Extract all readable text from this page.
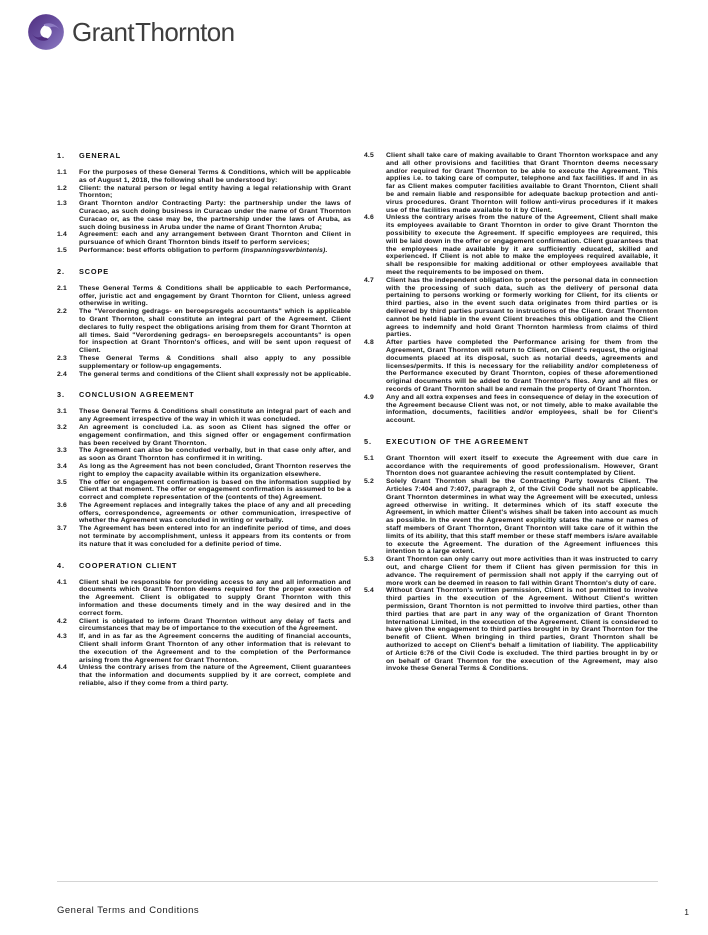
Grant Thornton
1.	GENERAL
1.1	For the purposes of these General Terms & Conditions, which will be applicable as of August 1, 2018, the following shall be understood by:
1.2	Client: the natural person or legal entity having a legal relationship with Grant Thornton;
1.3	Grant Thornton and/or Contracting Party: the partnership under the laws of Curacao, as such doing business in Curacao under the name of Grant Thornton Curacao or, as the case may be, the partnership under the laws of Aruba, as such doing business in Aruba under the name of Grant Thornton Aruba;
1.4	Agreement: each and any arrangement between Grant Thornton and Client in pursuance of which Grant Thornton binds itself to perform services;
1.5	Performance: best efforts obligation to perform (inspanningsverbintenis).
2.	SCOPE
2.1	These General Terms & Conditions shall be applicable to each Performance, offer, juristic act and engagement by Grant Thornton for Client, unless agreed otherwise in writing.
2.2	The "Verordening gedrags- en beroepsregels accountants" which is applicable to Grant Thornton, shall constitute an integral part of the Agreement. Client declares to fully respect the obligations arising from them for Grant Thornton at all times. Said "Verordening gedrags- en beroepsregels accountants" is open for inspection at Grant Thornton's offices, and will be sent upon request of Client.
2.3	These General Terms & Conditions shall also apply to any possible supplementary or follow-up engagements.
2.4	The general terms and conditions of the Client shall expressly not be applicable.
3.	CONCLUSION AGREEMENT
3.1	These General Terms & Conditions shall constitute an integral part of each and any Agreement irrespective of the way in which it was concluded.
3.2	An agreement is concluded i.a. as soon as Client has signed the offer or engagement confirmation, and this signed offer or engagement confirmation has been received by Grant Thornton.
3.3	The Agreement can also be concluded verbally, but in that case only after, and as soon as Grant Thornton has confirmed it in writing.
3.4	As long as the Agreement has not been concluded, Grant Thornton reserves the right to employ the capacity available within its organization elsewhere.
3.5	The offer or engagement confirmation is based on the information supplied by Client at that moment. The offer or engagement confirmation is assumed to be a correct and complete representation of the (contents of the) Agreement.
3.6	The Agreement replaces and integrally takes the place of any and all preceding offers, correspondence, agreements or other communication, irrespective of whether the Agreement was concluded in writing or verbally.
3.7	The Agreement has been entered into for an indefinite period of time, and does not terminate by accomplishment, unless it appears from its contents or from its nature that it was concluded for a definite period of time.
4.	COOPERATION CLIENT
4.1	Client shall be responsible for providing access to any and all information and documents which Grant Thornton deems required for the proper execution of the Agreement. Client is obligated to supply Grant Thornton with this information and these documents timely and in the way desired and in the correct form.
4.2	Client is obligated to inform Grant Thornton without any delay of facts and circumstances that may be of importance to the execution of the Agreement.
4.3	If, and in as far as the Agreement concerns the auditing of financial accounts, Client shall inform Grant Thornton of any other information that is relevant to the execution of the Agreement and to the completion of the Performance arising from the Agreement for Grant Thornton.
4.4	Unless the contrary arises from the nature of the Agreement, Client guarantees that the information and documents supplied by it are correct, complete and reliable, also if they come from a third party.
4.5	Client shall take care of making available to Grant Thornton workspace and any and all other provisions and facilities that Grant Thornton deems necessary and/or required for Grant Thornton to be able to execute the Agreement. This applies i.e. to taking care of computer, telephone and fax facilities. If and in as far as Client makes computer facilities available to Grant Thornton, Client shall be and remain liable and responsible for adequate backup protection and anti-virus procedures. Grant Thornton will follow anti-virus procedures if it makes use of the facilities made available to it by Client.
4.6	Unless the contrary arises from the nature of the Agreement, Client shall make its employees available to Grant Thornton in order to give Grant Thornton the possibility to execute the Agreement. If specific employees are required, this will be laid down in the offer or engagement confirmation. Client guarantees that the employees made available by it are sufficiently educated, skilled and experienced. If Client is not able to make the employees required available, it shall be responsible for making additional or other employees available that meet the requirements to be imposed on them.
4.7	Client has the independent obligation to protect the personal data in connection with the processing of such data, such as the delivery of personal data pertaining to persons working or formerly working for Client, for its clients or third parties, also in the event such data originates from third parties or is delivered by third parties pursuant to instructions of the Client. Grant Thornton cannot be held liable in the event Client breaches this obligation and the Client agrees to indemnify and hold Grant Thornton harmless from claims of third parties.
4.8	After parties have completed the Performance arising for them from the Agreement, Grant Thornton will return to Client, on Client's request, the original documents placed at its disposal, such as notarial deeds, agreements and licenses/permits. If this is necessary for the reliability and/or completeness of the Performance executed by Grant Thornton, copies of these aforementioned original documents will be added to Grant Thornton's files. Any and all files or records of Grant Thornton shall be and remain the property of Grant Thornton.
4.9	Any and all extra expenses and fees in consequence of delay in the execution of the Agreement because Client was not, or not timely, able to make available the information, documents, facilities and/or employees, shall be for Client's account.
5.	EXECUTION OF THE AGREEMENT
5.1	Grant Thornton will exert itself to execute the Agreement with due care in accordance with the requirements of good professionalism. However, Grant Thornton does not guarantee achieving the result contemplated by Client.
5.2	Solely Grant Thornton shall be the Contracting Party towards Client. The Articles 7:404 and 7:407, paragraph 2, of the Civil Code shall not be applicable. Grant Thornton determines in what way the Agreement will be executed, unless agreed otherwise in writing. It determines which of its staff execute the Agreement, in which matter Client's wishes shall be taken into account as much as possible. In the event the Agreement explicitly states the name or names of staff members of Grant Thornton, Grant Thornton will take care of it within the limits of its ability, that this staff member or these staff members is/are available to execute the Agreement. The duration of the Agreement influences this intention to a large extent.
5.3	Grant Thornton can only carry out more activities than it was instructed to carry out, and charge Client for them if Client has given permission for this in advance. The requirement of permission shall not apply if the carrying out of more work can be deemed in reason to fall within Grant Thornton's duty of care.
5.4	Without Grant Thornton's written permission, Client is not permitted to involve third parties in the execution of the Agreement. Without Client's written permission, Grant Thornton is not permitted to involve third parties, other than third parties that are part in any way of the organization of Grant Thornton International Limited, in the execution of the Agreement. Client is considered to have given the engagement to third parties brought in by Grant Thornton for the benefit of Client. When bringing in third parties, Grant Thornton shall be authorized to accept on Client's behalf a limitation of liability. The applicability of Article 6:76 of the Civil Code is excluded. The third parties brought in by or on behalf of Grant Thornton for the execution of the Agreement, may also invoke these General Terms & Conditions.
General Terms and Conditions	1
